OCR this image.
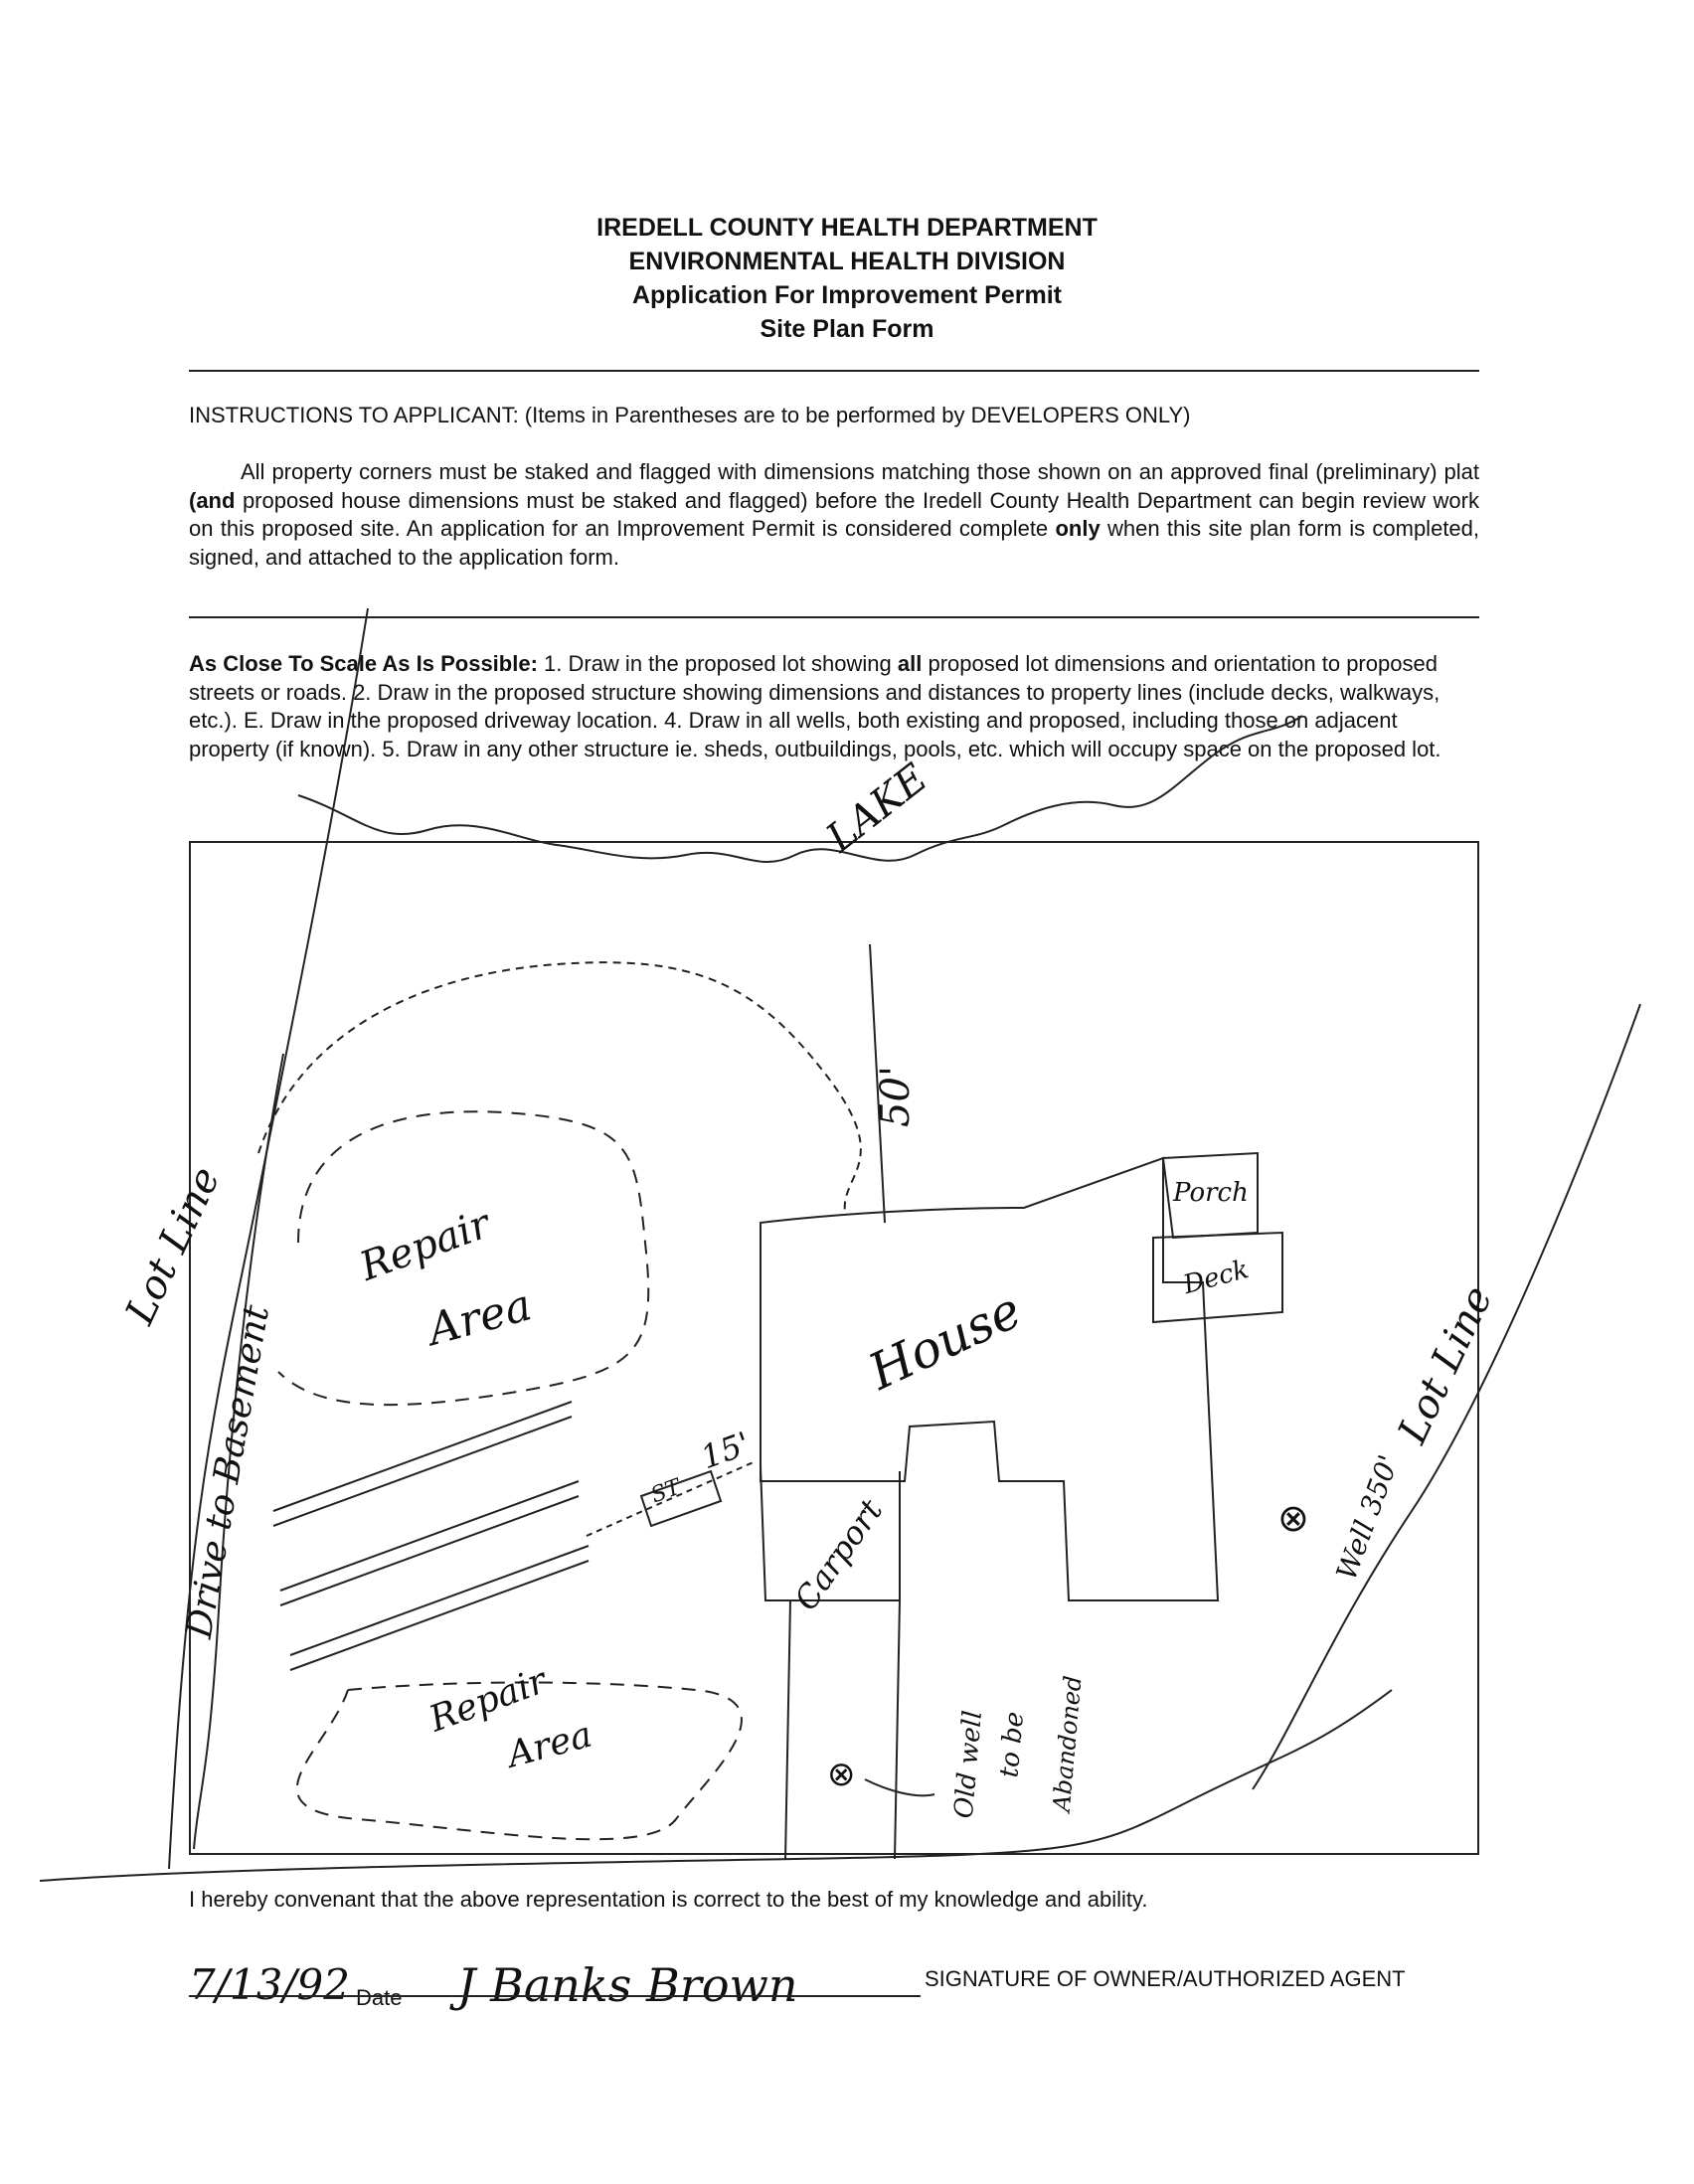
IREDELL COUNTY HEALTH DEPARTMENT
ENVIRONMENTAL HEALTH DIVISION
Application For Improvement Permit
Site Plan Form
INSTRUCTIONS TO APPLICANT: (Items in Parentheses are to be performed by DEVELOPERS ONLY)

All property corners must be staked and flagged with dimensions matching those shown on an approved final (preliminary) plat (and proposed house dimensions must be staked and flagged) before the Iredell County Health Department can begin review work on this proposed site. An application for an Improvement Permit is considered complete only when this site plan form is completed, signed, and attached to the application form.

As Close To Scale As Is Possible: 1. Draw in the proposed lot showing all proposed lot dimensions and orientation to proposed streets or roads. 2. Draw in the proposed structure showing dimensions and distances to property lines (include decks, walkways, etc.). E. Draw in the proposed driveway location. 4. Draw in all wells, both existing and proposed, including those on adjacent property (if known). 5. Draw in any other structure ie. sheds, outbuildings, pools, etc. which will occupy space on the proposed lot.
LAKE
50'
Lot Line
Drive to Basement
Repair
Area
Repair
Area
House
Porch
Deck
Carport
ST
15'
Lot Line
⊗ Well 350'
⊗	Old well to be Abandoned
I hereby convenant that the above representation is correct to the best of my knowledge and ability.
7/13/92 Date J Banks Brown	SIGNATURE OF OWNER/AUTHORIZED AGENT
